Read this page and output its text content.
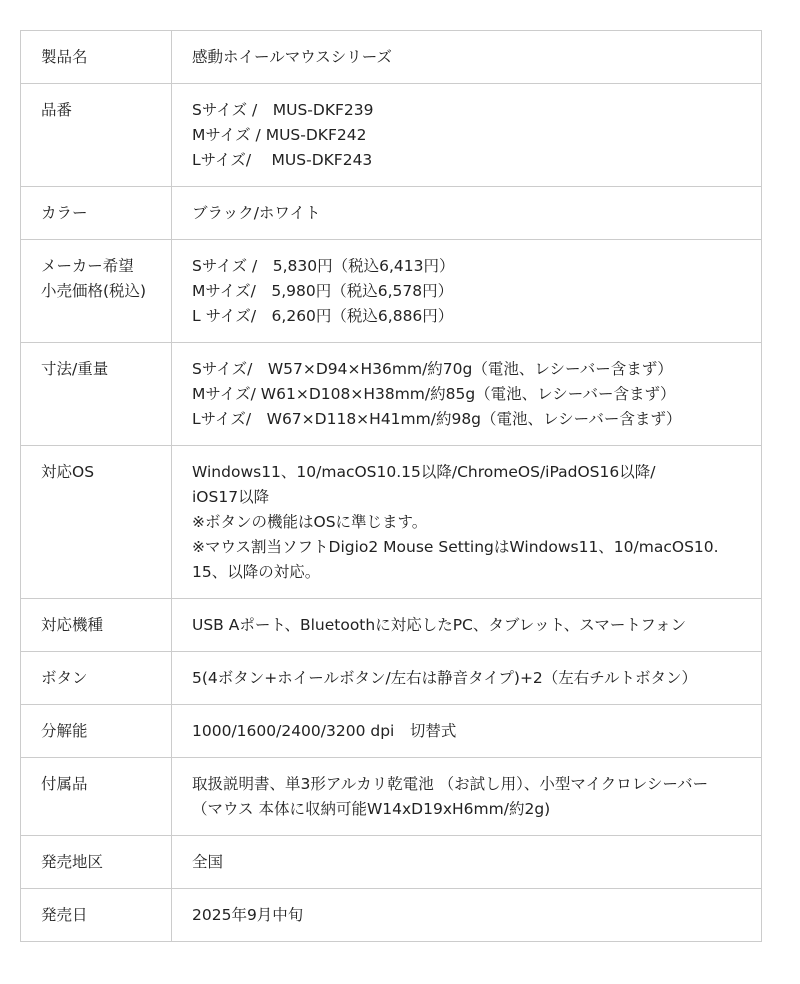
製品名	感動ホイールマウスシリーズ

品番	Sサイズ /　MUS-DKF239
Mサイズ / MUS-DKF242
Lサイズ/　 MUS-DKF243

カラー	ブラック/ホワイト

メーカー希望
小売価格(税込)	Sサイズ /　5,830円（税込6,413円）
Mサイズ/　5,980円（税込6,578円）
L サイズ/　6,260円（税込6,886円）

寸法/重量	Sサイズ/　W57×D94×H36mm/約70g（電池、レシーバー含まず）
Mサイズ/ W61×D108×H38mm/約85g（電池、レシーバー含まず）
Lサイズ/　W67×D118×H41mm/約98g（電池、レシーバー含まず）

対応OS	Windows11、10/macOS10.15以降/ChromeOS/iPadOS16以降/
iOS17以降
※ボタンの機能はOSに準じます。
※マウス割当ソフトDigio2 Mouse SettingはWindows11、10/macOS10.
15、以降の対応。

対応機種	USB Aポート、Bluetoothに対応したPC、タブレット、スマートフォン

ボタン	5(4ボタン+ホイールボタン/左右は静音タイプ)+2（左右チルトボタン）

分解能	1000/1600/2400/3200 dpi　切替式

付属品	取扱説明書、単3形アルカリ乾電池 （お試し用）、小型マイクロレシーバー
（マウス 本体に収納可能W14xD19xH6mm/約2g)

発売地区	全国

発売日	2025年9月中旬
